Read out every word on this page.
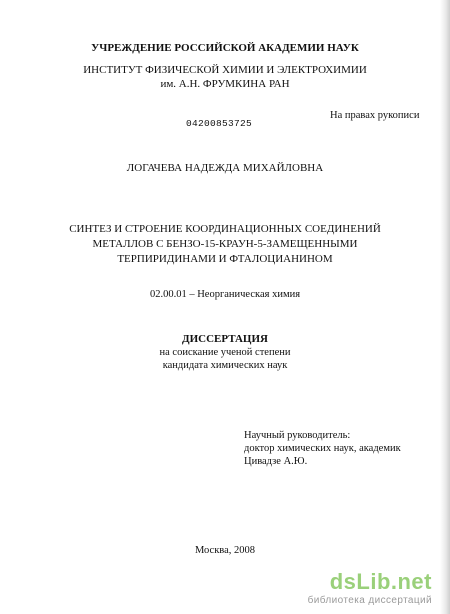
УЧРЕЖДЕНИЕ РОССИЙСКОЙ АКАДЕМИИ НАУК
ИНСТИТУТ ФИЗИЧЕСКОЙ ХИМИИ И ЭЛЕКТРОХИМИИ
им. А.Н. ФРУМКИНА РАН
04200853725
На правах рукописи
ЛОГАЧЕВА НАДЕЖДА МИХАЙЛОВНА
СИНТЕЗ И СТРОЕНИЕ КООРДИНАЦИОННЫХ СОЕДИНЕНИЙ
МЕТАЛЛОВ С БЕНЗО-15-КРАУН-5-ЗАМЕЩЕННЫМИ
ТЕРПИРИДИНАМИ И ФТАЛОЦИАНИНОМ
02.00.01 – Неорганическая химия
ДИССЕРТАЦИЯ
на соискание ученой степени
кандидата химических наук
Научный руководитель:
доктор химических наук, академик
Цивадзе А.Ю.
Москва, 2008
dsLib.net
библиотека диссертаций
